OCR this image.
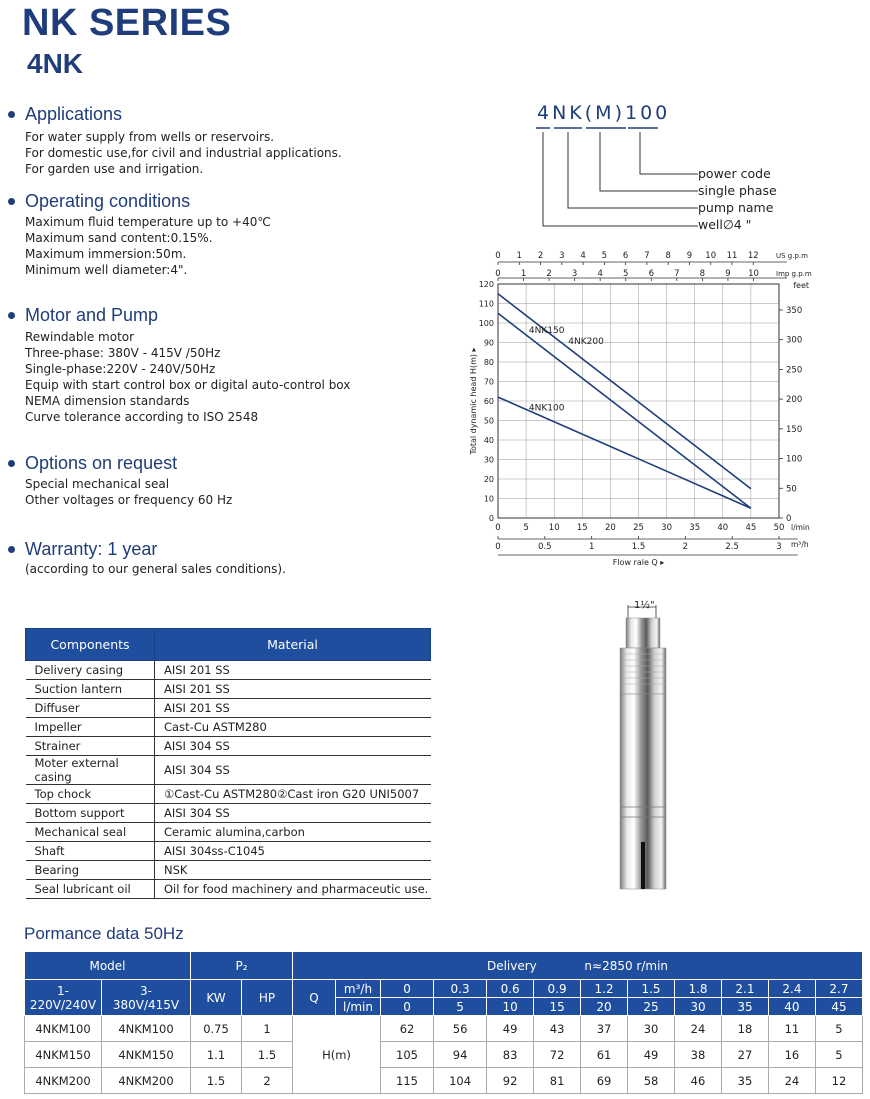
NK SERIES
4NK
Applications
For water supply from wells or reservoirs.
For domestic use,for civil and industrial applications.
For garden use and irrigation.
Operating conditions
Maximum fluid temperature up to +40℃
Maximum sand content:0.15%.
Maximum immersion:50m.
Minimum well diameter:4".
Motor and Pump
Rewindable motor
Three-phase: 380V - 415V /50Hz
Single-phase:220V - 240V/50Hz
Equip with start control box or digital auto-control box
NEMA dimension standards
Curve tolerance according to ISO 2548
Options on request
Special mechanical seal
Other voltages or frequency 60 Hz
Warranty: 1 year
(according to our general sales conditions).
4NK(M)100
power code
single phase
pump name
well∅4 "
0
10
20
30
40
50
60
70
80
90
100
110
120
0	5 10 15 20 25 30 35 40 45 50 l/min
0	0.5	1	1.5	2	2.5	3 m³/h
Flow rale Q ▸
0 1 2 3 4 5 6 7 8 9 10 11 12 US g.p.m
0 1 2 3 4 5 6 7 8 9 10 Imp g.p.m
feet
0
50
100
150
200
250
300
350
Total dynamic head H(m) ▸
4NK200
4NK150
4NK100
Components	Material
Delivery casing	AISI 201 SS
Suction lantern	AISI 201 SS
Diffuser	AISI 201 SS
Impeller	Cast-Cu ASTM280
Strainer	AISI 304 SS
Moter external casing	AISI 304 SS
Top chock	①Cast-Cu ASTM280②Cast iron G20 UNI5007
Bottom support	AISI 304 SS
Mechanical seal	Ceramic alumina,carbon
Shaft	AISI 304ss-C1045
Bearing	NSK
Seal lubricant oil	Oil for food machinery and pharmaceutic use.
1½"
Pormance data 50Hz
Model		P₂		Delivery n≈2850 r/min											
1-
220V/240V	3-
380V/415V	KW	HP	Q	m³/h	0	0.3	0.6	0.9	1.2	1.5	1.8	2.1	2.4	2.7
					l/min	0	5	10	15	20	25	30	35	40	45
4NKM100	4NKM100	0.75	1	H(m)		62	56	49	43	37	30	24	18	11	5
4NKM150	4NKM150	1.1	1.5			105	94	83	72	61	49	38	27	16	5
4NKM200	4NKM200	1.5	2			115	104	92	81	69	58	46	35	24	12
